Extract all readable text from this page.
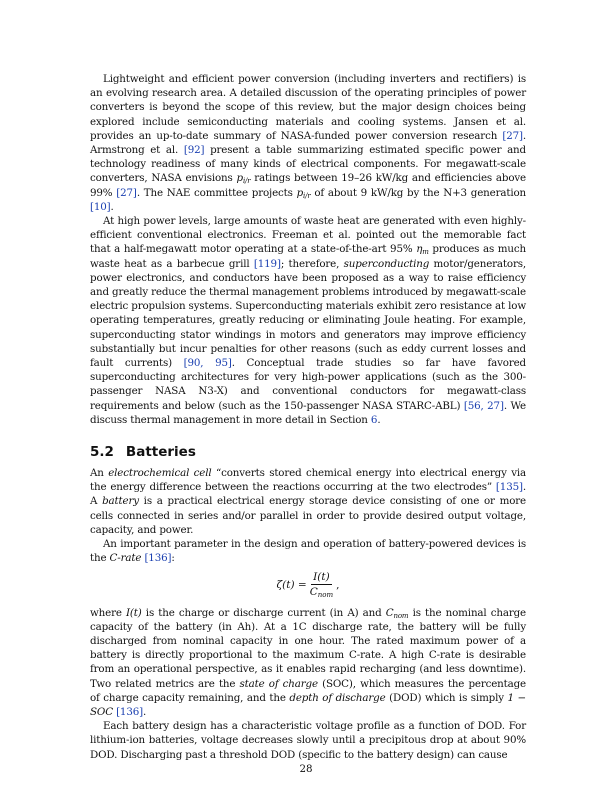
Lightweight and efficient power conversion (including inverters and rectifiers) is an evolving research area. A detailed discussion of the operating principles of power converters is beyond the scope of this review, but the major design choices being explored include semiconducting materials and cooling systems. Jansen et al. provides an up-to-date summary of NASA-funded power conversion research [27]. Armstrong et al. [92] present a table summarizing estimated specific power and technology readiness of many kinds of electrical components. For megawatt-scale converters, NASA envisions $p_{i/r}$ ratings between 19–26 kW/kg and efficiencies above 99% [27]. The NAE committee projects $p_{i/r}$ of about 9 kW/kg by the N+3 generation [10].

At high power levels, large amounts of waste heat are generated with even highly-efficient conventional electronics. Freeman et al. pointed out the memorable fact that a half-megawatt motor operating at a state-of-the-art 95% $\eta_m$ produces as much waste heat as a barbecue grill [119]; therefore, superconducting motor/generators, power electronics, and conductors have been proposed as a way to raise efficiency and greatly reduce the thermal management problems introduced by megawatt-scale electric propulsion systems. Superconducting materials exhibit zero resistance at low operating temperatures, greatly reducing or eliminating Joule heating. For example, superconducting stator windings in motors and generators may improve efficiency substantially but incur penalties for other reasons (such as eddy current losses and fault currents) [90, 95]. Conceptual trade studies so far have favored superconducting architectures for very high-power applications (such as the 300-passenger NASA N3-X) and conventional conductors for megawatt-class requirements and below (such as the 150-passenger NASA STARC-ABL) [56, 27]. We discuss thermal management in more detail in Section 6.

5.2 Batteries

An electrochemical cell “converts stored chemical energy into electrical energy via the energy difference between the reactions occurring at the two electrodes” [135]. A battery is a practical electrical energy storage device consisting of one or more cells connected in series and/or parallel in order to provide desired output voltage, capacity, and power.

An important parameter in the design and operation of battery-powered devices is the C-rate [136]:

$\zeta(t) = \frac{I(t)}{C_{nom}}$ ,

where I(t) is the charge or discharge current (in A) and $C_{nom}$ is the nominal charge capacity of the battery (in Ah). At a 1C discharge rate, the battery will be fully discharged from nominal capacity in one hour. The rated maximum power of a battery is directly proportional to the maximum C-rate. A high C-rate is desirable from an operational perspective, as it enables rapid recharging (and less downtime). Two related metrics are the state of charge (SOC), which measures the percentage of charge capacity remaining, and the depth of discharge (DOD) which is simply 1 − SOC [136].

Each battery design has a characteristic voltage profile as a function of DOD. For lithium-ion batteries, voltage decreases slowly until a precipitous drop at about 90% DOD. Discharging past a threshold DOD (specific to the battery design) can cause

28
